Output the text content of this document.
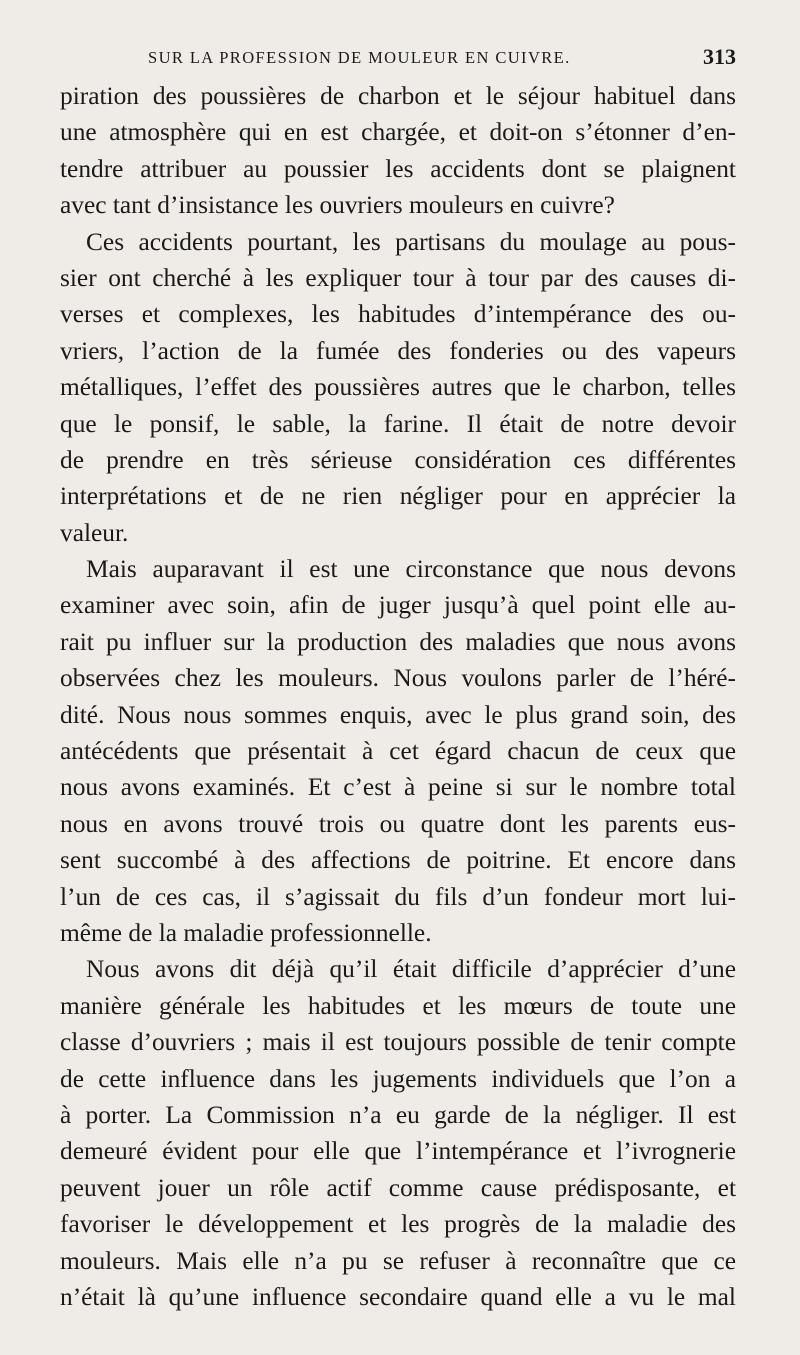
SUR LA PROFESSION DE MOULEUR EN CUIVRE.	313
piration des poussières de charbon et le séjour habituel dans
une atmosphère qui en est chargée, et doit-on s’étonner d’en-
tendre attribuer au poussier les accidents dont se plaignent
avec tant d’insistance les ouvriers mouleurs en cuivre?
Ces accidents pourtant, les partisans du moulage au pous-
sier ont cherché à les expliquer tour à tour par des causes di-
verses et complexes, les habitudes d’intempérance des ou-
vriers, l’action de la fumée des fonderies ou des vapeurs
métalliques, l’effet des poussières autres que le charbon, telles
que le ponsif, le sable, la farine. Il était de notre devoir
de prendre en très sérieuse considération ces différentes
interprétations et de ne rien négliger pour en apprécier la
valeur.
Mais auparavant il est une circonstance que nous devons
examiner avec soin, afin de juger jusqu’à quel point elle au-
rait pu influer sur la production des maladies que nous avons
observées chez les mouleurs. Nous voulons parler de l’héré-
dité. Nous nous sommes enquis, avec le plus grand soin, des
antécédents que présentait à cet égard chacun de ceux que
nous avons examinés. Et c’est à peine si sur le nombre total
nous en avons trouvé trois ou quatre dont les parents eus-
sent succombé à des affections de poitrine. Et encore dans
l’un de ces cas, il s’agissait du fils d’un fondeur mort lui-
même de la maladie professionnelle.
Nous avons dit déjà qu’il était difficile d’apprécier d’une
manière générale les habitudes et les mœurs de toute une
classe d’ouvriers ; mais il est toujours possible de tenir compte
de cette influence dans les jugements individuels que l’on a
à porter. La Commission n’a eu garde de la négliger. Il est
demeuré évident pour elle que l’intempérance et l’ivrognerie
peuvent jouer un rôle actif comme cause prédisposante, et
favoriser le développement et les progrès de la maladie des
mouleurs. Mais elle n’a pu se refuser à reconnaître que ce
n’était là qu’une influence secondaire quand elle a vu le mal
